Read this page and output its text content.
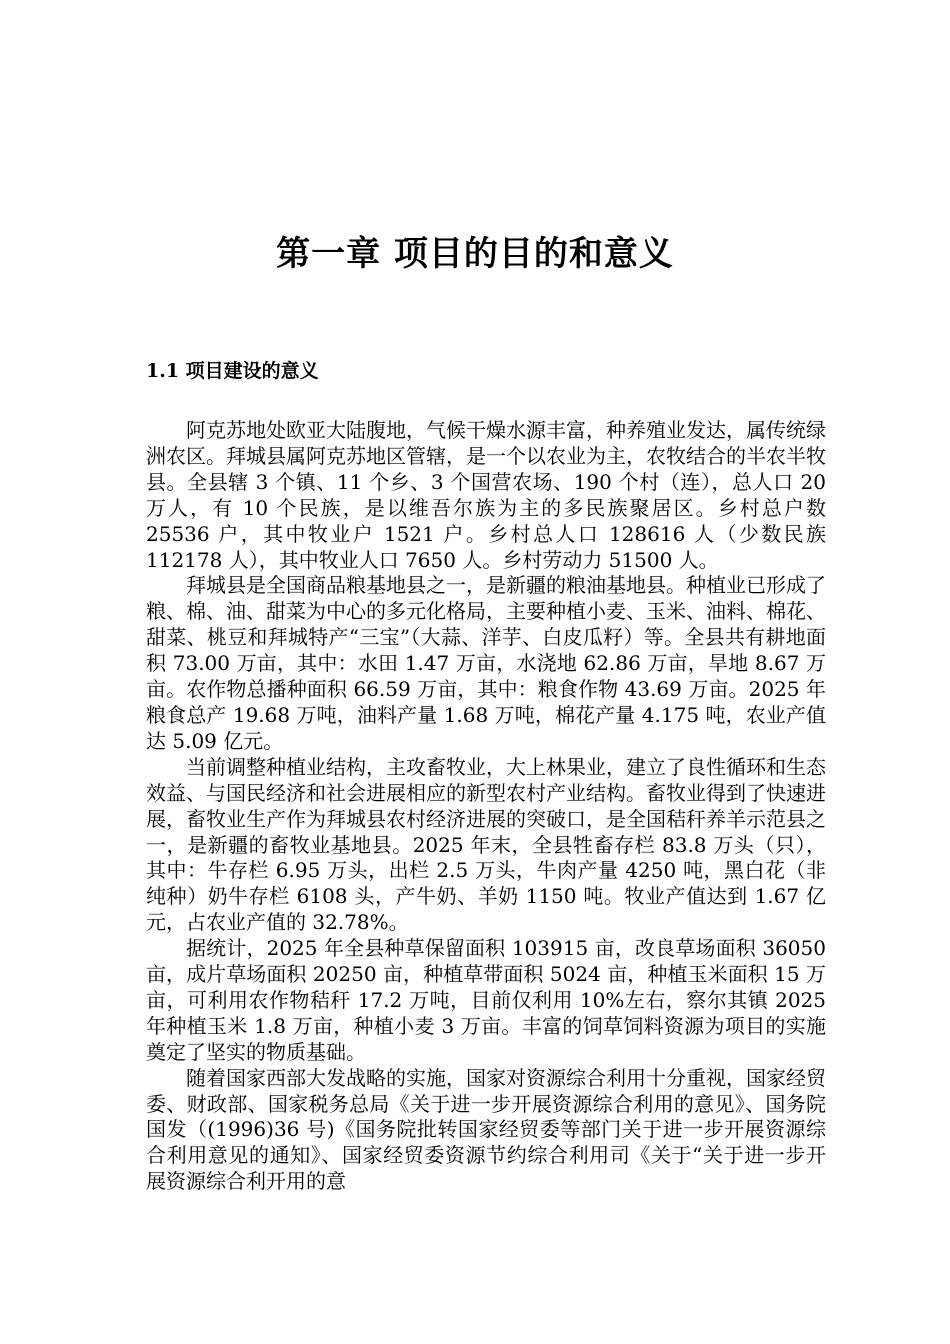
第一章 项目的目的和意义
1.1 项目建设的意义

阿克苏地处欧亚大陆腹地，气候干燥水源丰富，种养殖业发达，属传统绿洲农区。拜城县属阿克苏地区管辖，是一个以农业为主，农牧结合的半农半牧县。全县辖 3 个镇、11 个乡、3 个国营农场、190 个村（连），总人口 20 万人，有 10 个民族，是以维吾尔族为主的多民族聚居区。乡村总户数 25536 户，其中牧业户 1521 户。乡村总人口 128616 人（少数民族 112178 人），其中牧业人口 7650 人。乡村劳动力 51500 人。

拜城县是全国商品粮基地县之一，是新疆的粮油基地县。种植业已形成了粮、棉、油、甜菜为中心的多元化格局，主要种植小麦、玉米、油料、棉花、甜菜、桃豆和拜城特产“三宝”（大蒜、洋芋、白皮瓜籽）等。全县共有耕地面积 73.00 万亩，其中：水田 1.47 万亩，水浇地 62.86 万亩，旱地 8.67 万亩。农作物总播种面积 66.59 万亩，其中：粮食作物 43.69 万亩。2025 年粮食总产 19.68 万吨，油料产量 1.68 万吨，棉花产量 4.175 吨，农业产值达 5.09 亿元。

当前调整种植业结构，主攻畜牧业，大上林果业，建立了良性循环和生态效益、与国民经济和社会进展相应的新型农村产业结构。畜牧业得到了快速进展，畜牧业生产作为拜城县农村经济进展的突破口，是全国秸秆养羊示范县之一，是新疆的畜牧业基地县。2025 年末，全县牲畜存栏 83.8 万头（只），其中：牛存栏 6.95 万头，出栏 2.5 万头，牛肉产量 4250 吨，黑白花（非纯种）奶牛存栏 6108 头，产牛奶、羊奶 1150 吨。牧业产值达到 1.67 亿元，占农业产值的 32.78%。

据统计，2025 年全县种草保留面积 103915 亩，改良草场面积 36050 亩，成片草场面积 20250 亩，种植草带面积 5024 亩，种植玉米面积 15 万亩，可利用农作物秸秆 17.2 万吨，目前仅利用 10%左右，察尔其镇 2025 年种植玉米 1.8 万亩，种植小麦 3 万亩。丰富的饲草饲料资源为项目的实施奠定了坚实的物质基础。

随着国家西部大发战略的实施，国家对资源综合利用十分重视，国家经贸委、财政部、国家税务总局《关于进一步开展资源综合利用的意见》、国务院国发（(1996)36 号)《国务院批转国家经贸委等部门关于进一步开展资源综合利用意见的通知》、国家经贸委资源节约综合利用司《关于“关于进一步开展资源综合利开用的意
